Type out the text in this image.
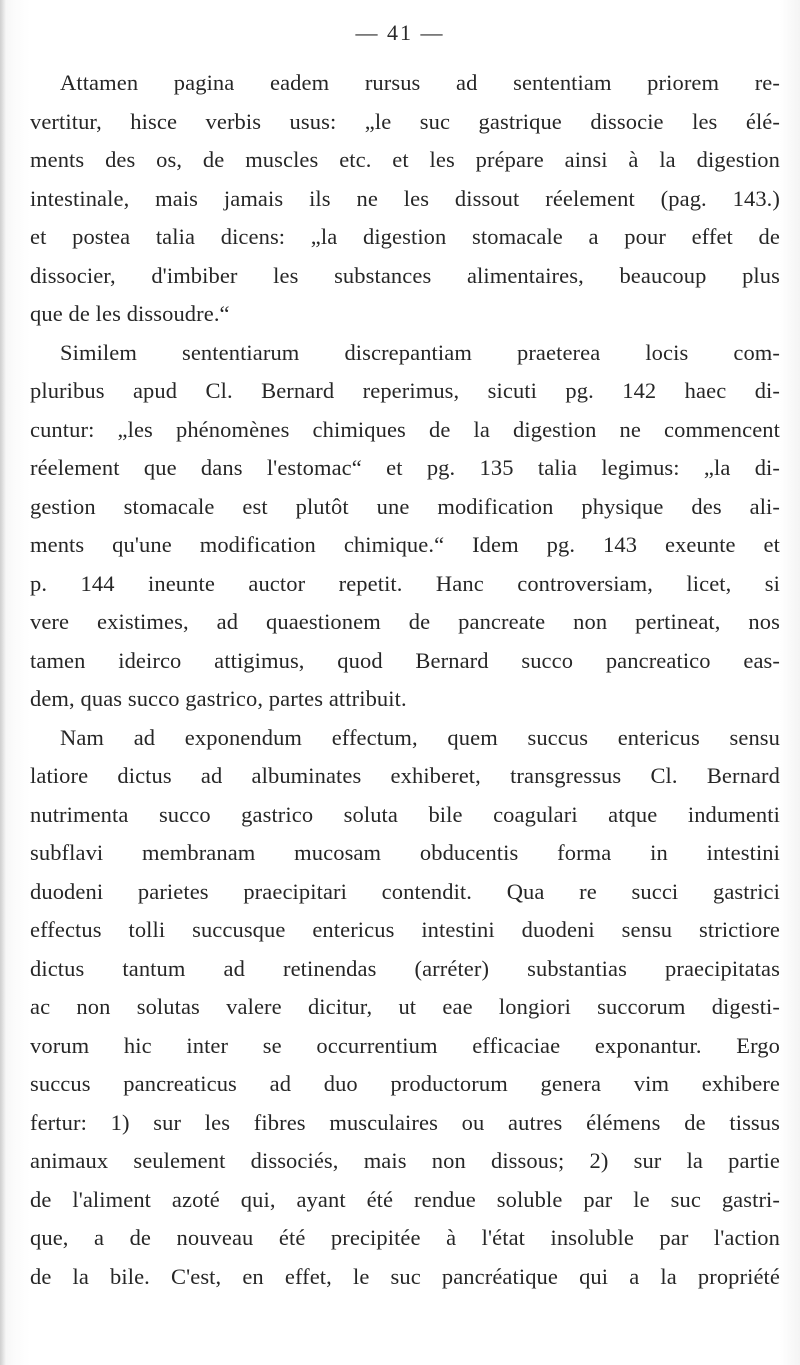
— 41 —
Attamen pagina eadem rursus ad sententiam priorem re-
vertitur, hisce verbis usus: „le suc gastrique dissocie les élé-
ments des os, de muscles etc. et les prépare ainsi à la digestion
intestinale, mais jamais ils ne les dissout réelement (pag. 143.)
et postea talia dicens: „la digestion stomacale a pour effet de
dissocier, d'imbiber les substances alimentaires, beaucoup plus
que de les dissoudre.“
Similem sententiarum discrepantiam praeterea locis com-
pluribus apud Cl. Bernard reperimus, sicuti pg. 142 haec di-
cuntur: „les phénomènes chimiques de la digestion ne commencent
réelement que dans l'estomac“ et pg. 135 talia legimus: „la di-
gestion stomacale est plutôt une modification physique des ali-
ments qu'une modification chimique.“ Idem pg. 143 exeunte et
p. 144 ineunte auctor repetit. Hanc controversiam, licet, si
vere existimes, ad quaestionem de pancreate non pertineat, nos
tamen ideirco attigimus, quod Bernard succo pancreatico eas-
dem, quas succo gastrico, partes attribuit.
Nam ad exponendum effectum, quem succus entericus sensu
latiore dictus ad albuminates exhiberet, transgressus Cl. Bernard
nutrimenta succo gastrico soluta bile coagulari atque indumenti
subflavi membranam mucosam obducentis forma in intestini
duodeni parietes praecipitari contendit. Qua re succi gastrici
effectus tolli succusque entericus intestini duodeni sensu strictiore
dictus tantum ad retinendas (arréter) substantias praecipitatas
ac non solutas valere dicitur, ut eae longiori succorum digesti-
vorum hic inter se occurrentium efficaciae exponantur. Ergo
succus pancreaticus ad duo productorum genera vim exhibere
fertur: 1) sur les fibres musculaires ou autres élémens de tissus
animaux seulement dissociés, mais non dissous; 2) sur la partie
de l'aliment azoté qui, ayant été rendue soluble par le suc gastri-
que, a de nouveau été precipitée à l'état insoluble par l'action
de la bile. C'est, en effet, le suc pancréatique qui a la propriété
